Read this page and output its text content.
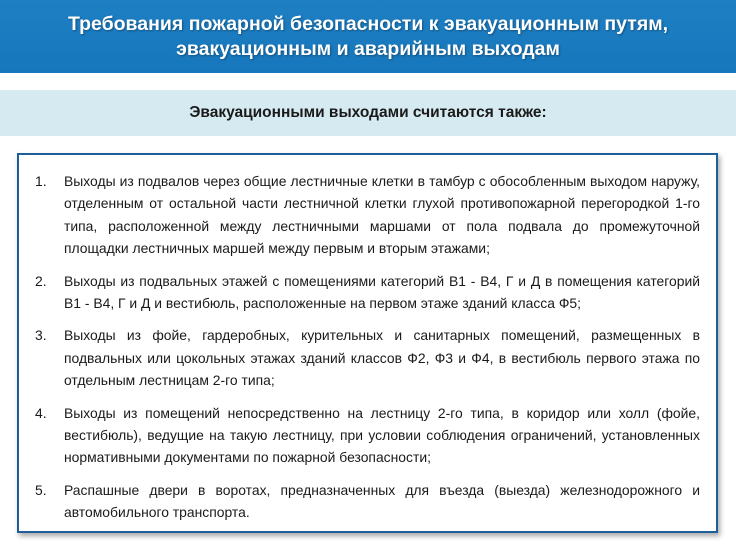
Требования пожарной безопасности к эвакуационным путям,
эвакуационным и аварийным выходам
Эвакуационными выходами считаются также:
1.	Выходы из подвалов через общие лестничные клетки в тамбур с обособленным выходом наружу, отделенным от остальной части лестничной клетки глухой противопожарной перегородкой 1-го типа, расположенной между лестничными маршами от пола подвала до промежуточной площадки лестничных маршей между первым и вторым этажами;
2.	Выходы из подвальных этажей с помещениями категорий В1 - В4, Г и Д в помещения категорий В1 - В4, Г и Д и вестибюль, расположенные на первом этаже зданий класса Ф5;
3.	Выходы из фойе, гардеробных, курительных и санитарных помещений, размещенных в подвальных или цокольных этажах зданий классов Ф2, Ф3 и Ф4, в вестибюль первого этажа по отдельным лестницам 2-го типа;
4.	Выходы из помещений непосредственно на лестницу 2-го типа, в коридор или холл (фойе, вестибюль), ведущие на такую лестницу, при условии соблюдения ограничений, установленных нормативными документами по пожарной безопасности;
5.	Распашные двери в воротах, предназначенных для въезда (выезда) железнодорожного и автомобильного транспорта.
